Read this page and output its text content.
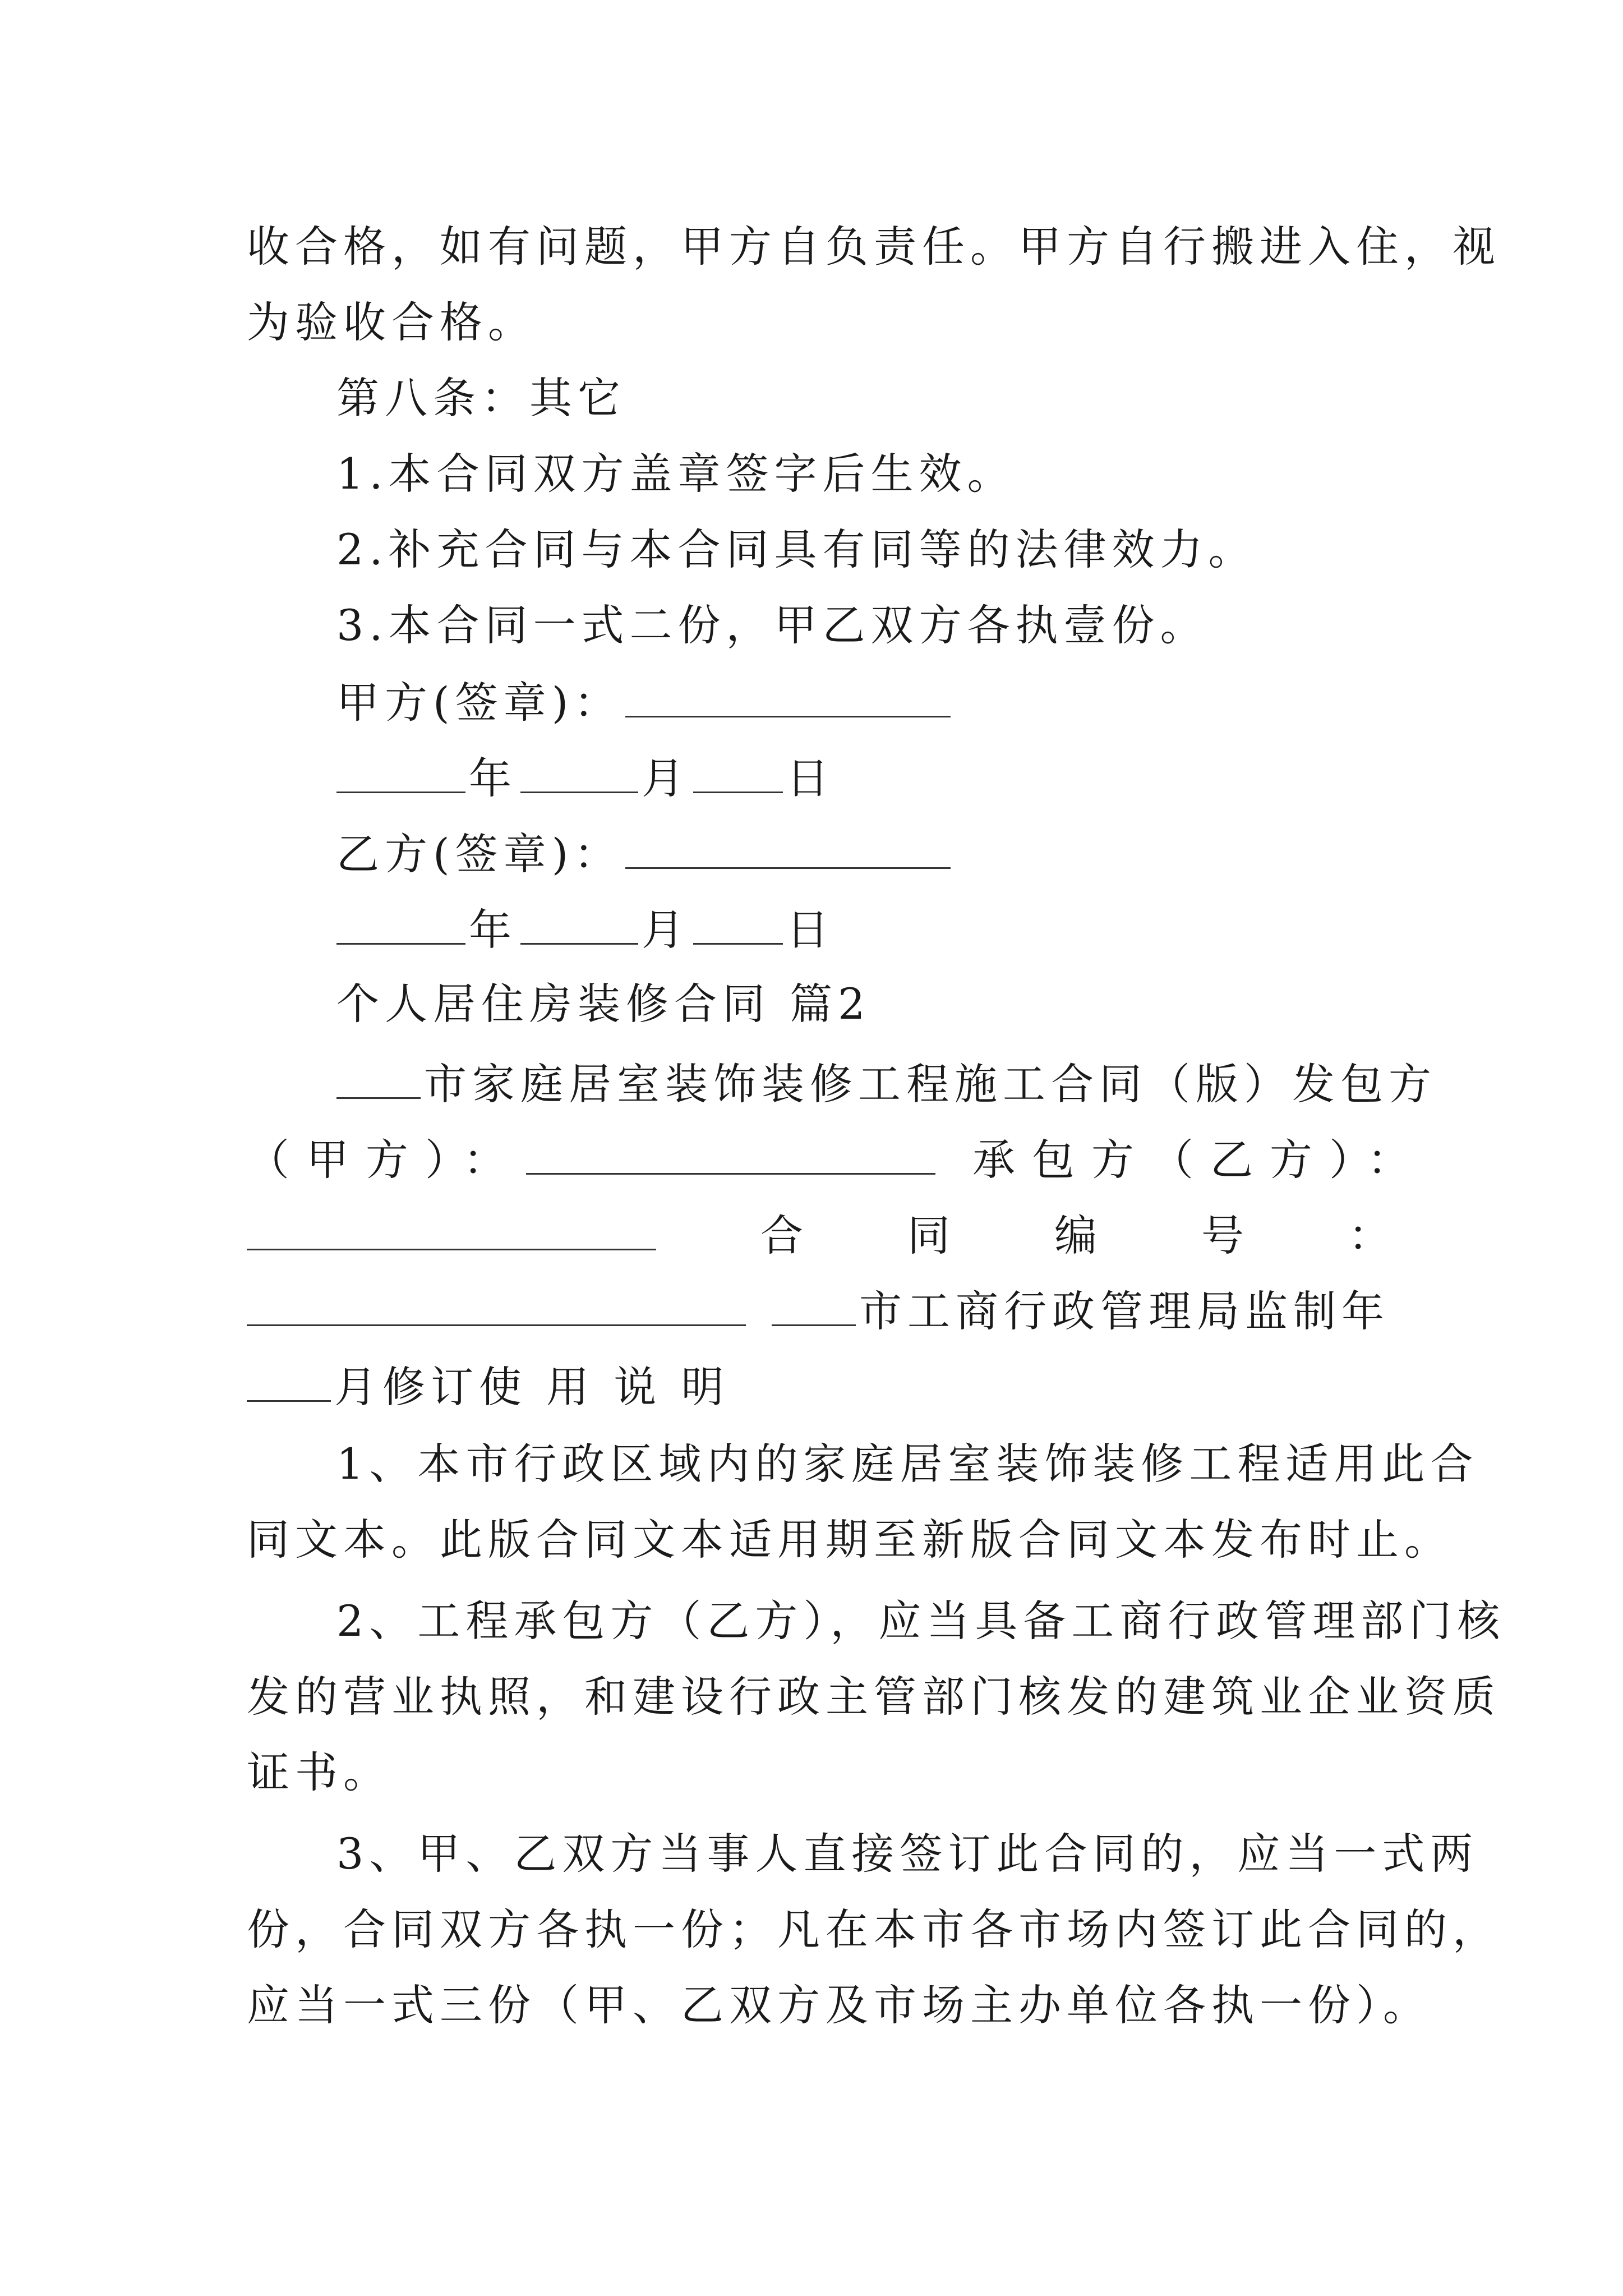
收合格，如有问题，甲方自负责任。甲方自行搬进入住，视
为验收合格。
第八条：其它
1.本合同双方盖章签字后生效。
2.补充合同与本合同具有同等的法律效力。
3.本合同一式二份，甲乙双方各执壹份。
甲方(签章)：
年	月 日
乙方(签章)：
年	月 日
个人居住房装修合同 篇2
市家庭居室装饰装修工程施工合同（版）发包方
（甲方）：	承包方（乙方）：
合 同 编 号 ：
市工商行政管理局监制年
月修订使 用 说 明
1、本市行政区域内的家庭居室装饰装修工程适用此合
同文本。此版合同文本适用期至新版合同文本发布时止。
2、工程承包方（乙方），应当具备工商行政管理部门核
发的营业执照，和建设行政主管部门核发的建筑业企业资质
证书。
3、甲、乙双方当事人直接签订此合同的，应当一式两
份，合同双方各执一份；凡在本市各市场内签订此合同的，
应当一式三份（甲、乙双方及市场主办单位各执一份）。
